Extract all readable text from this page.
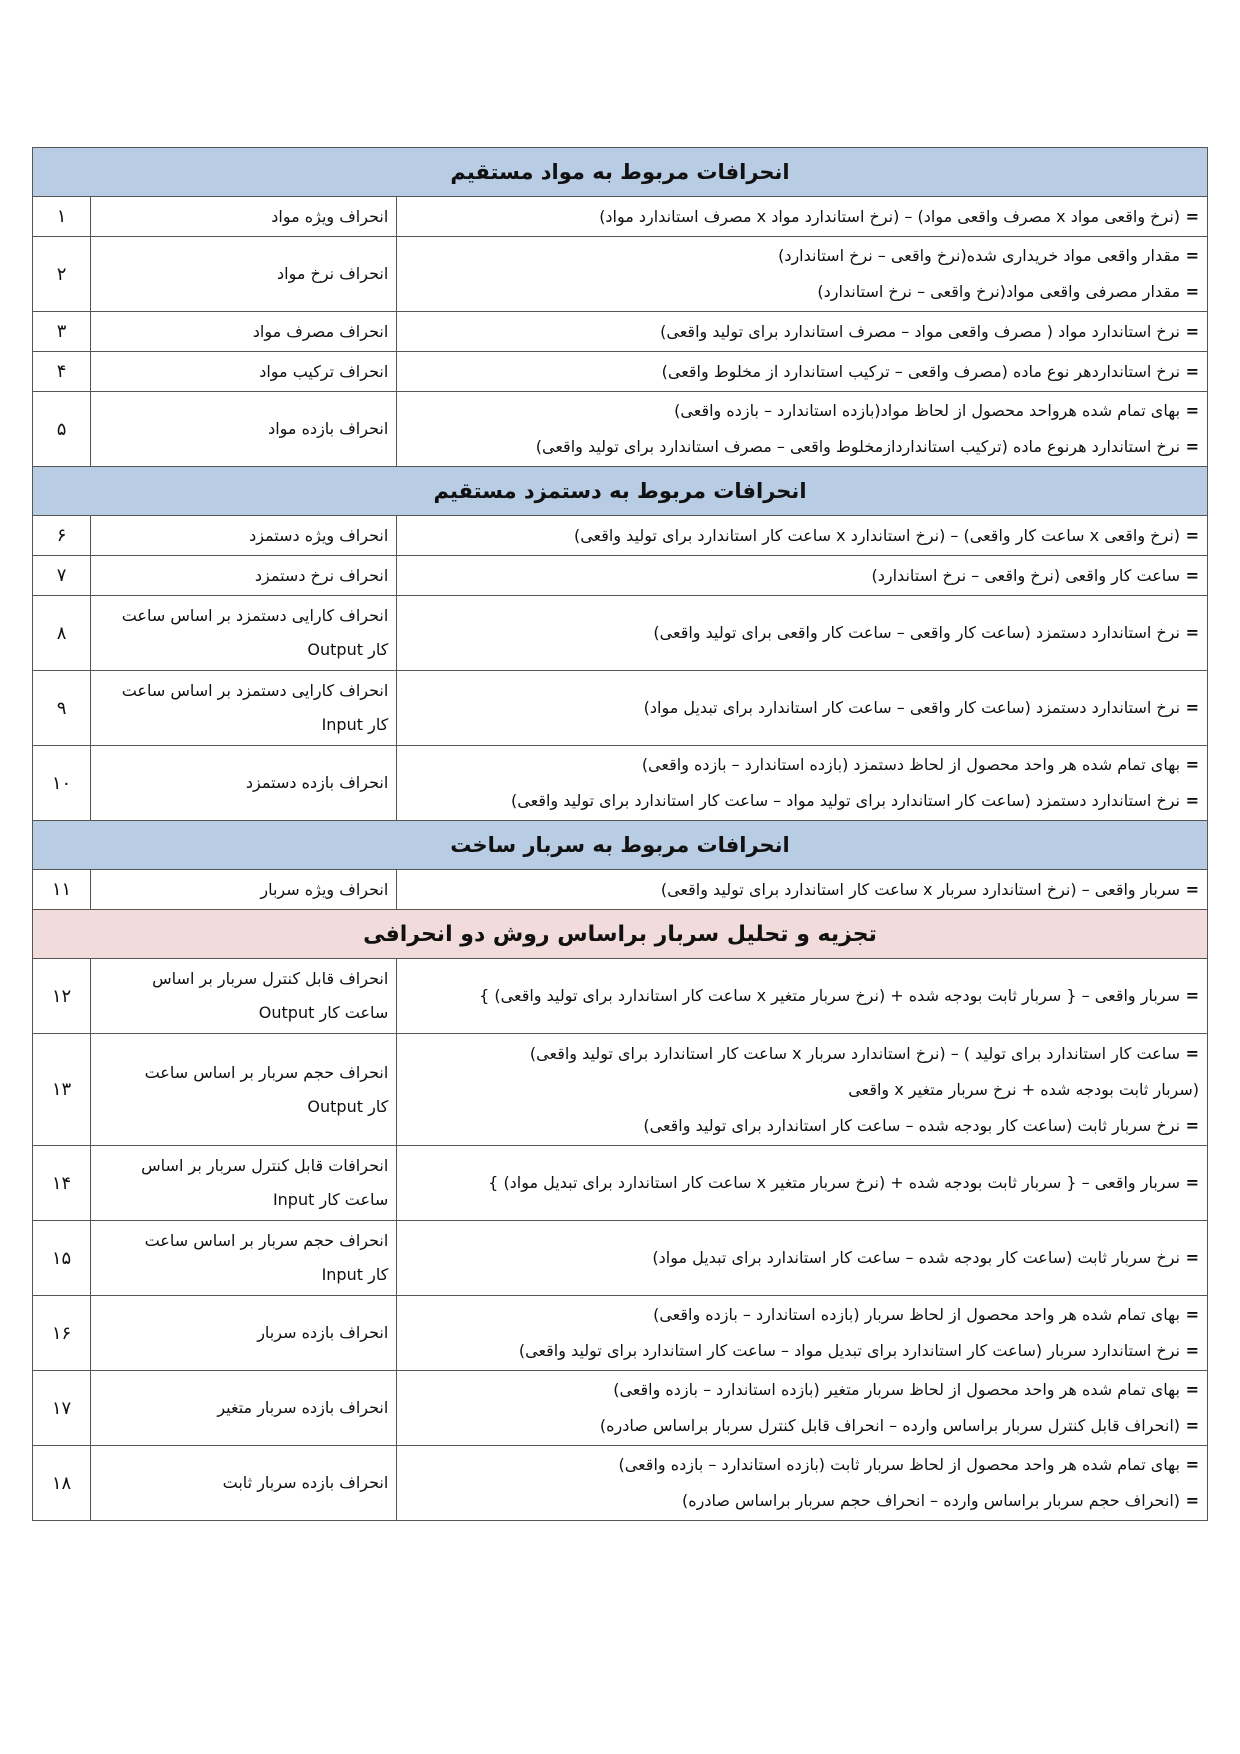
انحرافات مربوط به مواد مستقیم		

= (نرخ واقعی مواد x مصرف واقعی مواد) – (نرخ استاندارد مواد x مصرف استاندارد مواد)	انحراف ویژه مواد	۱

= مقدار واقعی مواد خریداری شده(نرخ واقعی – نرخ استاندارد)
= مقدار مصرفی واقعی مواد(نرخ واقعی – نرخ استاندارد)	انحراف نرخ مواد	۲

= نرخ استاندارد مواد ( مصرف واقعی مواد – مصرف استاندارد برای تولید واقعی)	انحراف مصرف مواد	۳

= نرخ استانداردهر نوع ماده (مصرف واقعی – ترکیب استاندارد از مخلوط واقعی)	انحراف ترکیب مواد	۴

= بهای تمام شده هرواحد محصول از لحاظ مواد(بازده استاندارد – بازده واقعی)
= نرخ استاندارد هرنوع ماده (ترکیب استانداردازمخلوط واقعی – مصرف استاندارد برای تولید واقعی)	انحراف بازده مواد	۵
انحرافات مربوط به دستمزد مستقیم		

= (نرخ واقعی x ساعت کار واقعی) – (نرخ استاندارد x ساعت کار استاندارد برای تولید واقعی)	انحراف ویژه دستمزد	۶

= ساعت کار واقعی (نرخ واقعی – نرخ استاندارد)	انحراف نرخ دستمزد	۷

= نرخ استاندارد دستمزد (ساعت کار واقعی – ساعت کار واقعی برای تولید واقعی)	انحراف کارایی دستمزد بر اساس ساعت
کار Output	۸

= نرخ استاندارد دستمزد (ساعت کار واقعی – ساعت کار استاندارد برای تبدیل مواد)	انحراف کارایی دستمزد بر اساس ساعت
کار Input	۹

= بهای تمام شده هر واحد محصول از لحاظ دستمزد (بازده استاندارد – بازده واقعی)
= نرخ استاندارد دستمزد (ساعت کار استاندارد برای تولید مواد – ساعت کار استاندارد برای تولید واقعی)	انحراف بازده دستمزد	۱۰
انحرافات مربوط به سربار ساخت		

= سربار واقعی – (نرخ استاندارد سربار x ساعت کار استاندارد برای تولید واقعی)	انحراف ویژه سربار	۱۱
تجزیه و تحلیل سربار براساس روش دو انحرافی		

= سربار واقعی – { سربار ثابت بودجه شده + (نرخ سربار متغیر x ساعت کار استاندارد برای تولید واقعی) }	انحراف قابل کنترل سربار بر اساس
ساعت کار Output	۱۲

= ساعت کار استاندارد برای تولید ) – (نرخ استاندارد سربار x ساعت کار استاندارد برای تولید واقعی)
(سربار ثابت بودجه شده + نرخ سربار متغیر x واقعی
= نرخ سربار ثابت (ساعت کار بودجه شده – ساعت کار استاندارد برای تولید واقعی)	انحراف حجم سربار بر اساس ساعت
کار Output	۱۳

= سربار واقعی – { سربار ثابت بودجه شده + (نرخ سربار متغیر x ساعت کار استاندارد برای تبدیل مواد) }	انحرافات قابل کنترل سربار بر اساس
ساعت کار Input	۱۴

= نرخ سربار ثابت (ساعت کار بودجه شده – ساعت کار استاندارد برای تبدیل مواد)	انحراف حجم سربار بر اساس ساعت
کار Input	۱۵

= بهای تمام شده هر واحد محصول از لحاظ سربار (بازده استاندارد – بازده واقعی)
= نرخ استاندارد سربار (ساعت کار استاندارد برای تبدیل مواد – ساعت کار استاندارد برای تولید واقعی)	انحراف بازده سربار	۱۶

= بهای تمام شده هر واحد محصول از لحاظ سربار متغیر (بازده استاندارد – بازده واقعی)
= (انحراف قابل کنترل سربار براساس وارده – انحراف قابل کنترل سربار براساس صادره)	انحراف بازده سربار متغیر	۱۷

= بهای تمام شده هر واحد محصول از لحاظ سربار ثابت (بازده استاندارد – بازده واقعی)
= (انحراف حجم سربار براساس وارده – انحراف حجم سربار براساس صادره)	انحراف بازده سربار ثابت	۱۸
